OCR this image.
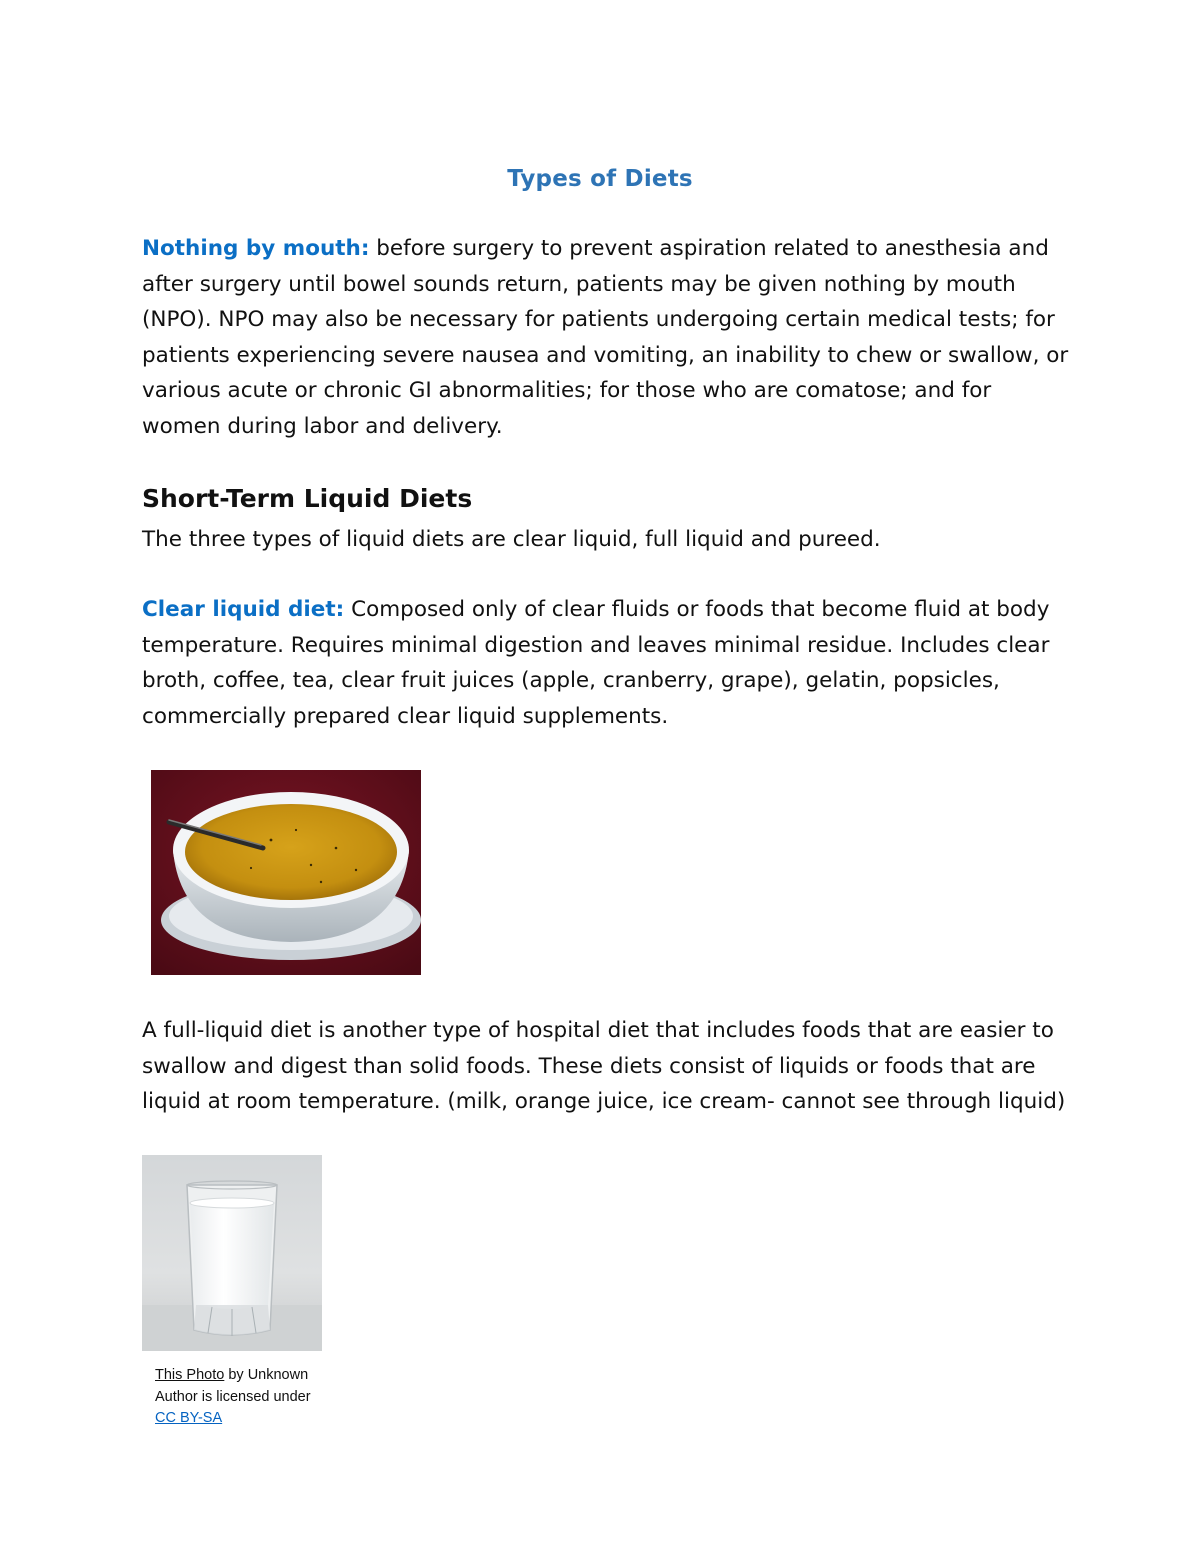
Types of Diets
Nothing by mouth: before surgery to prevent aspiration related to anesthesia and after surgery until bowel sounds return, patients may be given nothing by mouth (NPO). NPO may also be necessary for patients undergoing certain medical tests; for patients experiencing severe nausea and vomiting, an inability to chew or swallow, or various acute or chronic GI abnormalities; for those who are comatose; and for women during labor and delivery.
Short-Term Liquid Diets
The three types of liquid diets are clear liquid, full liquid and pureed.
Clear liquid diet: Composed only of clear fluids or foods that become fluid at body temperature. Requires minimal digestion and leaves minimal residue. Includes clear broth, coffee, tea, clear fruit juices (apple, cranberry, grape), gelatin, popsicles, commercially prepared clear liquid supplements.
A full-liquid diet is another type of hospital diet that includes foods that are easier to swallow and digest than solid foods. These diets consist of liquids or foods that are liquid at room temperature. (milk, orange juice, ice cream- cannot see through liquid)
This Photo by Unknown Author is licensed under CC BY-SA
